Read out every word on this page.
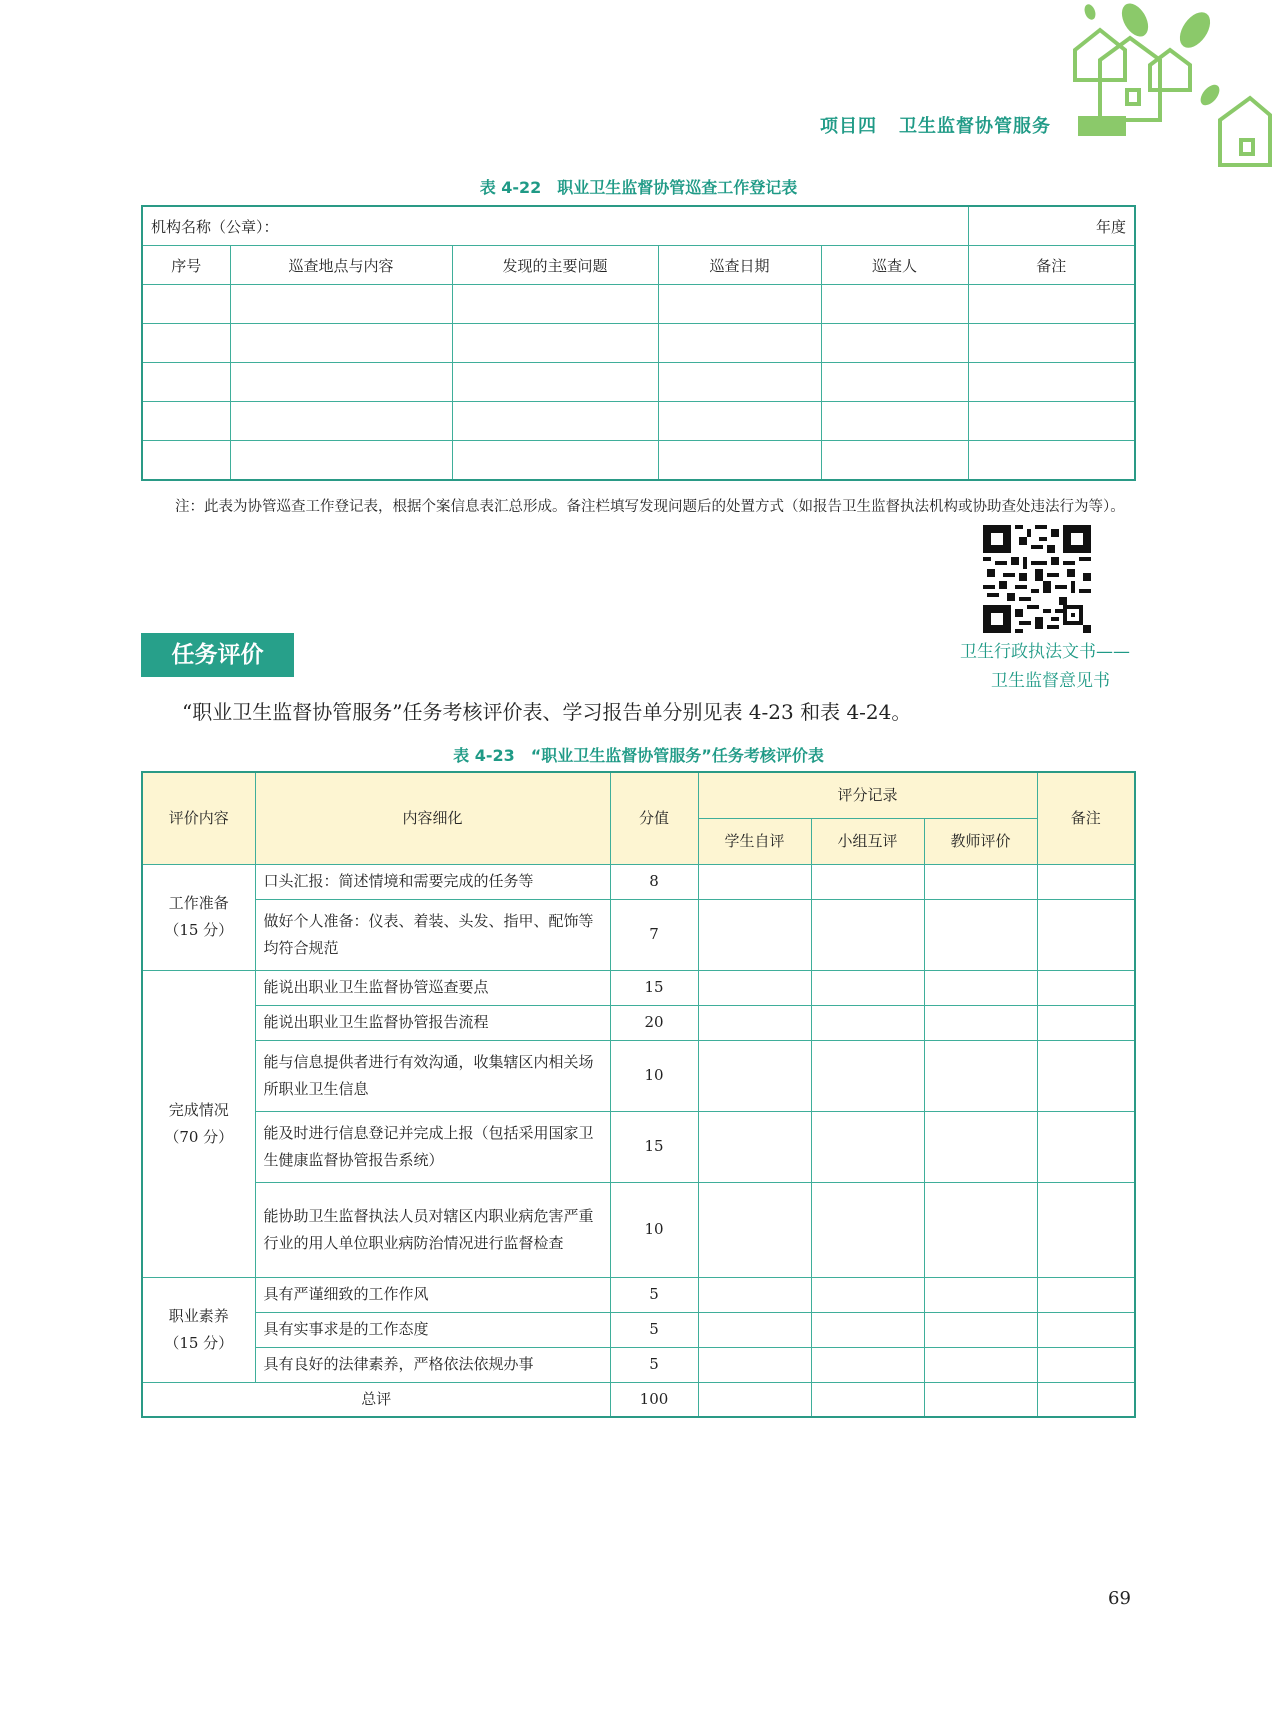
项目四 卫生监督协管服务
表 4-22　职业卫生监督协管巡查工作登记表
机构名称（公章）：					年度
序号	巡查地点与内容	发现的主要问题	巡查日期	巡查人	备注

注：此表为协管巡查工作登记表，根据个案信息表汇总形成。备注栏填写发现问题后的处置方式（如报告卫生监督执法机构或协助查处违法行为等）。
卫生行政执法文书——
卫生监督意见书
任务评价
“职业卫生监督协管服务”任务考核评价表、学习报告单分别见表 4-23 和表 4-24。
表 4-23　“职业卫生监督协管服务”任务考核评价表
评价内容	内容细化	分值	评分记录			备注
			学生自评	小组互评	教师评价	
工作准备
（15 分）	口头汇报：简述情境和需要完成的任务等	8				
	做好个人准备：仪表、着装、头发、指甲、配饰等均符合规范	7				
完成情况
（70 分）	能说出职业卫生监督协管巡查要点	15				
	能说出职业卫生监督协管报告流程	20				
	能与信息提供者进行有效沟通，收集辖区内相关场所职业卫生信息	10				
	能及时进行信息登记并完成上报（包括采用国家卫生健康监督协管报告系统）	15				
	能协助卫生监督执法人员对辖区内职业病危害严重行业的用人单位职业病防治情况进行监督检查	10				
职业素养
（15 分）	具有严谨细致的工作作风	5				
	具有实事求是的工作态度	5				
	具有良好的法律素养，严格依法依规办事	5				
总评		100				
69
